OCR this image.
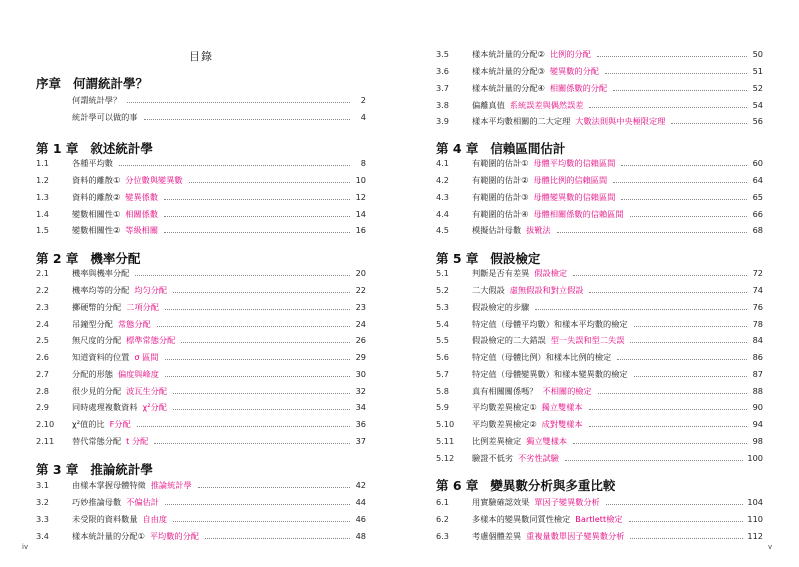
目錄
序章 何謂統計學？
何謂統計學？	2
統計學可以做的事	4
第 1 章 敘述統計學
1.1	各種平均數	8
1.2	資料的離散① 分位數與變異數	10
1.3	資料的離散② 變異係數	12
1.4	變數相關性① 相關係數	14
1.5	變數相關性② 等級相關	16
第 2 章 機率分配
2.1	機率與機率分配	20
2.2	機率均等的分配 均匀分配	22
2.3	擲硬幣的分配 二項分配	23
2.4	吊鐘型分配 常態分配	24
2.5	無尺度的分配 標準常態分配	26
2.6	知道資料的位置 σ 區間	29
2.7	分配的形態 偏度與峰度	30
2.8	很少見的分配 波瓦生分配	32
2.9	同時處理複數資料 χ²分配	34
2.10	χ²值的比 F分配	36
2.11	替代常態分配 t 分配	37
第 3 章 推論統計學
3.1	由樣本掌握母體特徵 推論統計學	42
3.2	巧妙推論母數 不偏估計	44
3.3	未受限的資料數量 自由度	46
3.4	樣本統計量的分配① 平均數的分配	48
3.5	樣本統計量的分配② 比例的分配	50
3.6	樣本統計量的分配③ 變異數的分配	51
3.7	樣本統計量的分配④ 相關係數的分配	52
3.8	偏離真值 系統誤差與偶然誤差	54
3.9	樣本平均數相關的二大定理 大數法則與中央極限定理	56
第 4 章 信賴區間估計
4.1	有範圍的估計① 母體平均數的信賴區間	60
4.2	有範圍的估計② 母體比例的信賴區間	64
4.3	有範圍的估計③ 母體變異數的信賴區間	65
4.4	有範圍的估計④ 母體相關係數的信賴區間	66
4.5	模擬估計母數 拔靴法	68
第 5 章 假設檢定
5.1	判斷是否有差異 假設檢定	72
5.2	二大假設 虛無假設和對立假設	74
5.3	假設檢定的步驟	76
5.4	特定值（母體平均數）和樣本平均數的檢定	78
5.5	假設檢定的二大錯誤 型一失誤和型二失誤	84
5.6	特定值（母體比例）和樣本比例的檢定	86
5.7	特定值（母體變異數）和樣本變異數的檢定	87
5.8	真有相關關係嗎？ 不相關的檢定	88
5.9	平均數差異檢定① 獨立雙樣本	90
5.10	平均數差異檢定② 成對雙樣本	94
5.11	比例差異檢定 獨立雙樣本	98
5.12	驗證不低劣 不劣性試驗	100
第 6 章 變異數分析與多重比較
6.1	用實驗確認效果 單因子變異數分析	104
6.2	多樣本的變異數同質性檢定 Bartlett檢定	110
6.3	考慮個體差異 重複量數單因子變異數分析	112
iv	v
